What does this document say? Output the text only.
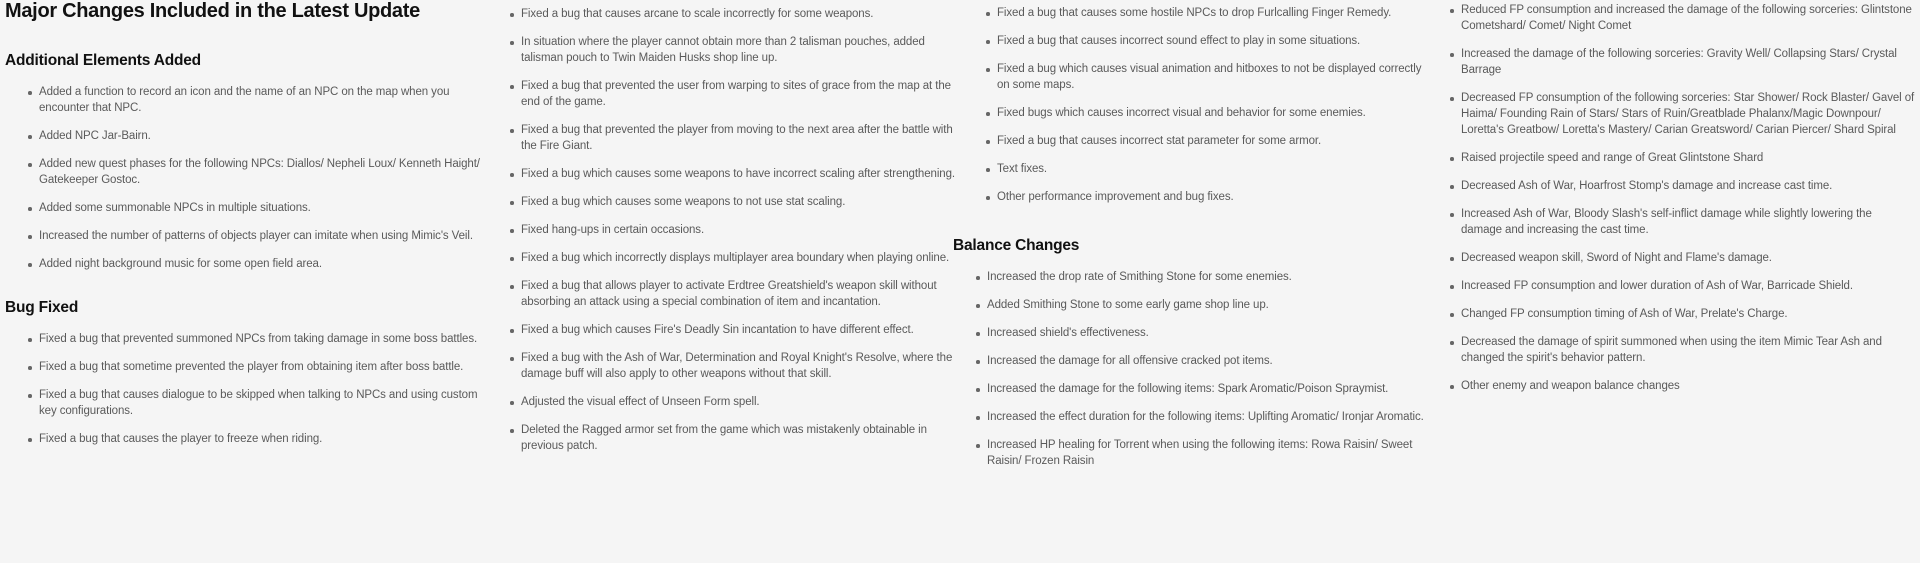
Major Changes Included in the Latest Update
Additional Elements Added
Added a function to record an icon and the name of an NPC on the map when you encounter that NPC.
Added NPC Jar-Bairn.
Added new quest phases for the following NPCs: Diallos/ Nepheli Loux/ Kenneth Haight/ Gatekeeper Gostoc.
Added some summonable NPCs in multiple situations.
Increased the number of patterns of objects player can imitate when using Mimic's Veil.
Added night background music for some open field area.
Bug Fixed
Fixed a bug that prevented summoned NPCs from taking damage in some boss battles.
Fixed a bug that sometime prevented the player from obtaining item after boss battle.
Fixed a bug that causes dialogue to be skipped when talking to NPCs and using custom key configurations.
Fixed a bug that causes the player to freeze when riding.
Fixed a bug that causes arcane to scale incorrectly for some weapons.
In situation where the player cannot obtain more than 2 talisman pouches, added talisman pouch to Twin Maiden Husks shop line up.
Fixed a bug that prevented the user from warping to sites of grace from the map at the end of the game.
Fixed a bug that prevented the player from moving to the next area after the battle with the Fire Giant.
Fixed a bug which causes some weapons to have incorrect scaling after strengthening.
Fixed a bug which causes some weapons to not use stat scaling.
Fixed hang-ups in certain occasions.
Fixed a bug which incorrectly displays multiplayer area boundary when playing online.
Fixed a bug that allows player to activate Erdtree Greatshield's weapon skill without absorbing an attack using a special combination of item and incantation.
Fixed a bug which causes Fire's Deadly Sin incantation to have different effect.
Fixed a bug with the Ash of War, Determination and Royal Knight's Resolve, where the damage buff will also apply to other weapons without that skill.
Adjusted the visual effect of Unseen Form spell.
Deleted the Ragged armor set from the game which was mistakenly obtainable in previous patch.
Fixed a bug that causes some hostile NPCs to drop Furlcalling Finger Remedy.
Fixed a bug that causes incorrect sound effect to play in some situations.
Fixed a bug which causes visual animation and hitboxes to not be displayed correctly on some maps.
Fixed bugs which causes incorrect visual and behavior for some enemies.
Fixed a bug that causes incorrect stat parameter for some armor.
Text fixes.
Other performance improvement and bug fixes.
Balance Changes
Increased the drop rate of Smithing Stone for some enemies.
Added Smithing Stone to some early game shop line up.
Increased shield's effectiveness.
Increased the damage for all offensive cracked pot items.
Increased the damage for the following items: Spark Aromatic/Poison Spraymist.
Increased the effect duration for the following items: Uplifting Aromatic/ Ironjar Aromatic.
Increased HP healing for Torrent when using the following items: Rowa Raisin/ Sweet Raisin/ Frozen Raisin
Reduced FP consumption and increased the damage of the following sorceries: Glintstone Cometshard/ Comet/ Night Comet
Increased the damage of the following sorceries: Gravity Well/ Collapsing Stars/ Crystal Barrage
Decreased FP consumption of the following sorceries: Star Shower/ Rock Blaster/ Gavel of Haima/ Founding Rain of Stars/ Stars of Ruin/Greatblade Phalanx/Magic Downpour/ Loretta's Greatbow/ Loretta's Mastery/ Carian Greatsword/ Carian Piercer/ Shard Spiral
Raised projectile speed and range of Great Glintstone Shard
Decreased Ash of War, Hoarfrost Stomp's damage and increase cast time.
Increased Ash of War, Bloody Slash's self-inflict damage while slightly lowering the damage and increasing the cast time.
Decreased weapon skill, Sword of Night and Flame's damage.
Increased FP consumption and lower duration of Ash of War, Barricade Shield.
Changed FP consumption timing of Ash of War, Prelate's Charge.
Decreased the damage of spirit summoned when using the item Mimic Tear Ash and changed the spirit's behavior pattern.
Other enemy and weapon balance changes
